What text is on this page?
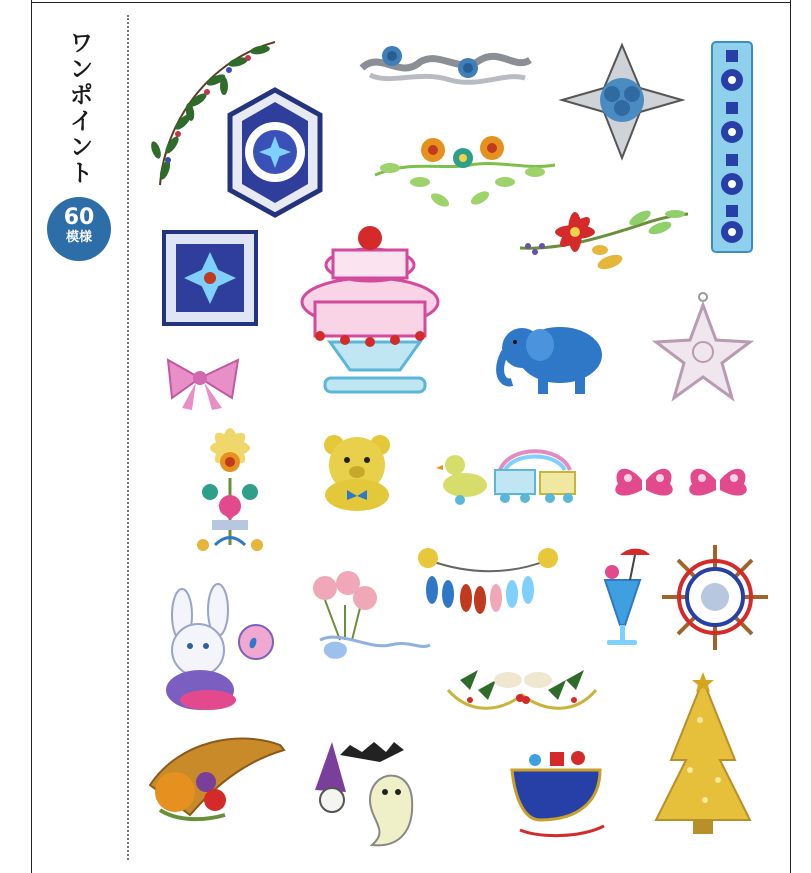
ワンポイント
60
模様
